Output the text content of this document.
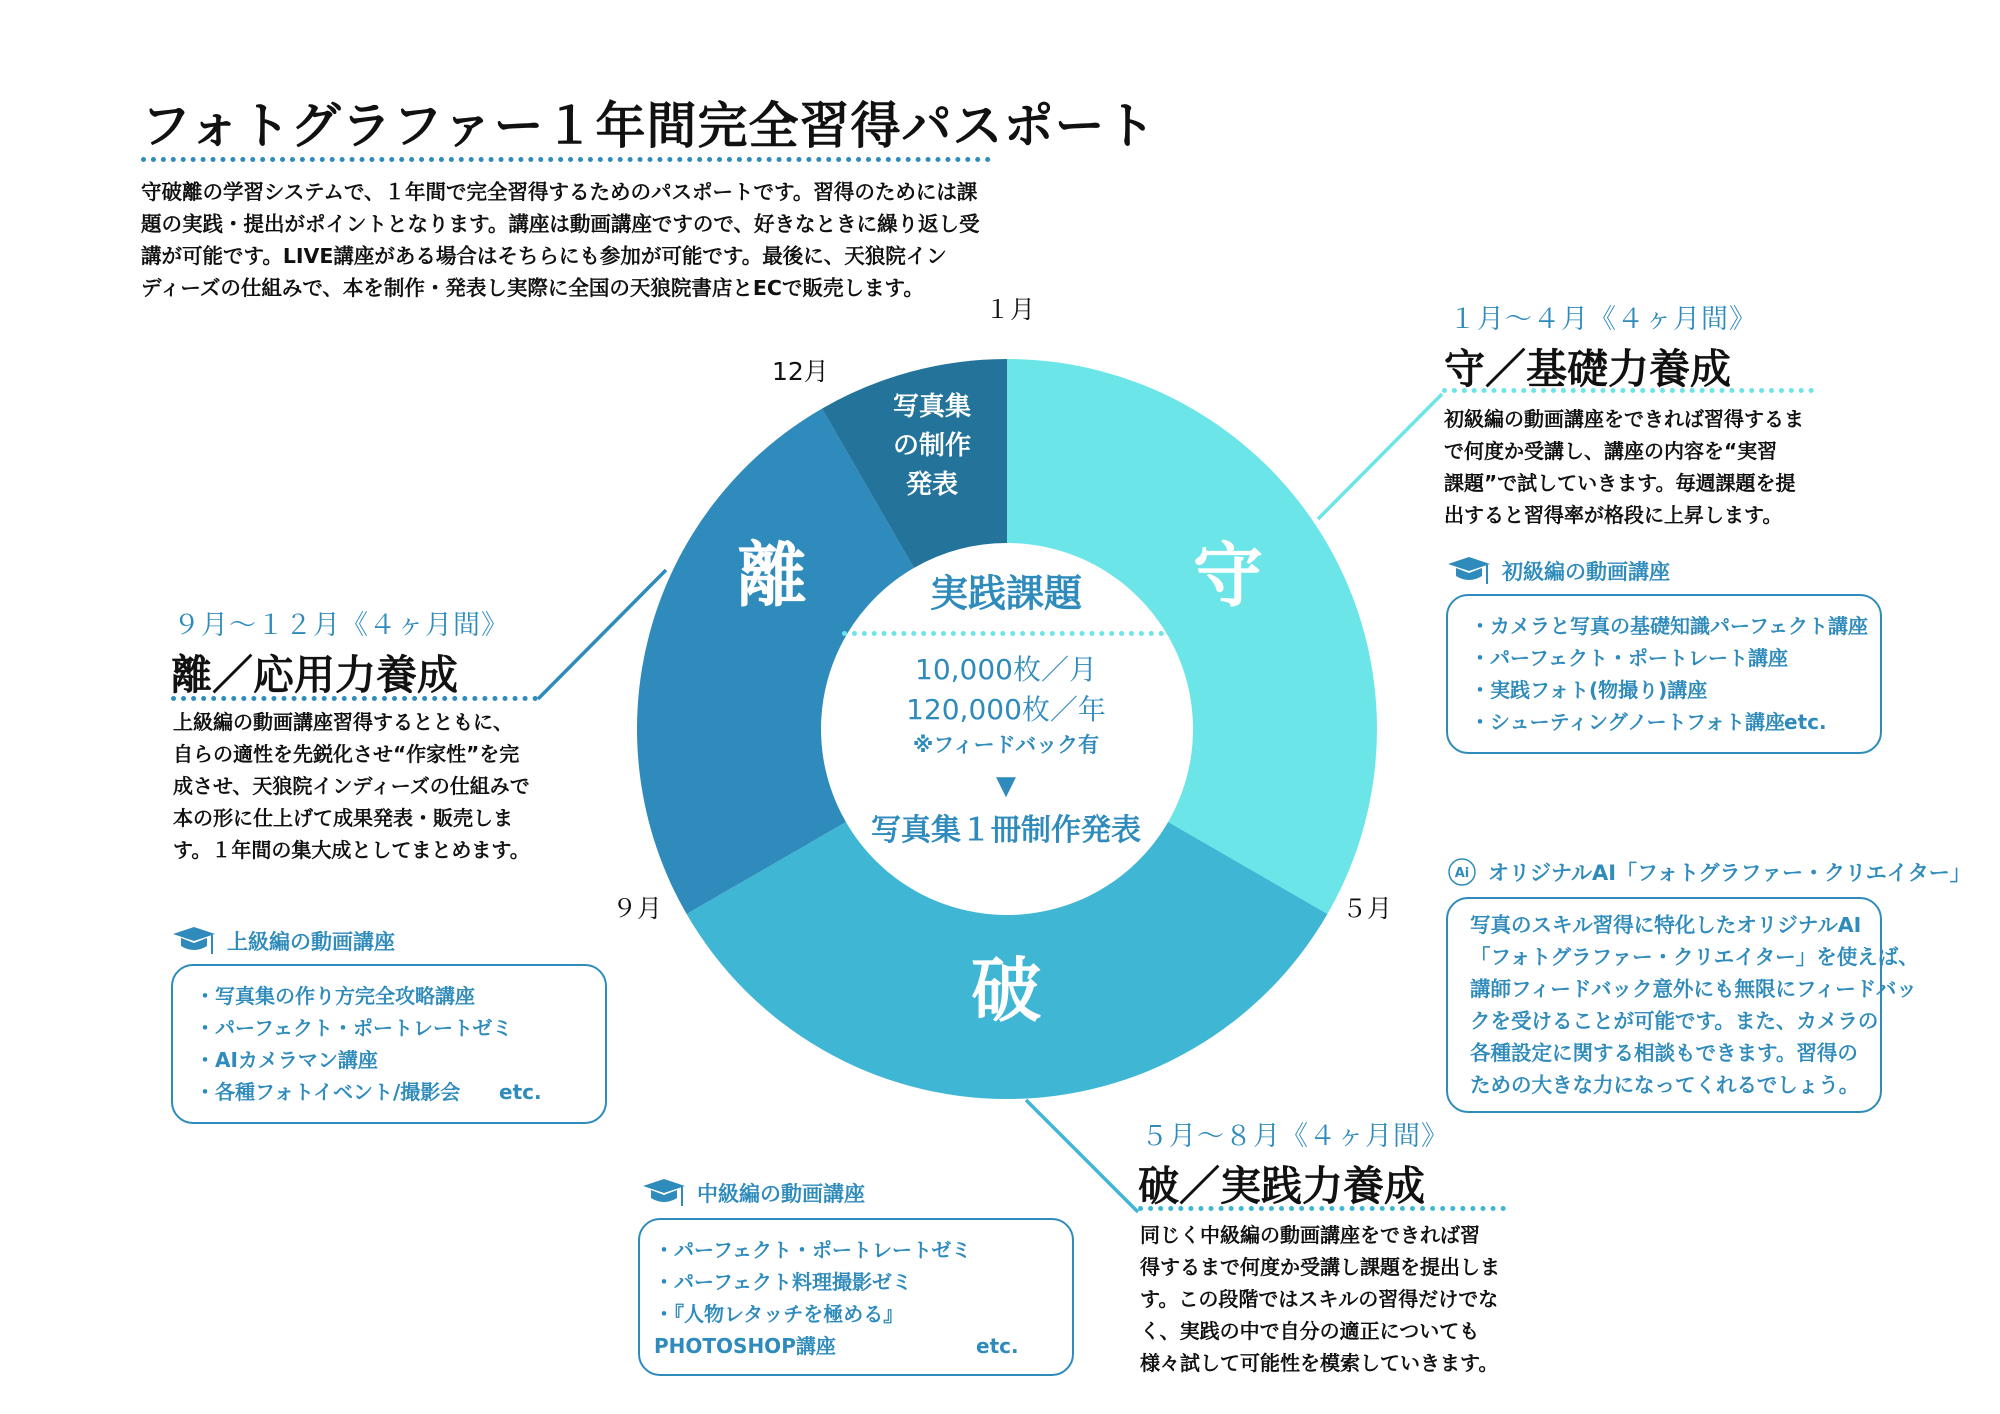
フォトグラファー１年間完全習得パスポート
守破離の学習システムで、１年間で完全習得するためのパスポートです。習得のためには課
題の実践・提出がポイントとなります。講座は動画講座ですので、好きなときに繰り返し受
講が可能です。LIVE講座がある場合はそちらにも参加が可能です。最後に、天狼院イン
ディーズの仕組みで、本を制作・発表し実際に全国の天狼院書店とECで販売します。
１月
12月
５月
９月
守
破
離
写真集
の制作
発表
実践課題
10,000枚／月
120,000枚／年
※フィードバック有
▼
写真集１冊制作発表
１月～４月《４ヶ月間》
守／基礎力養成
初級編の動画講座をできれば習得するま
で何度か受講し、講座の内容を“実習
課題”で試していきます。毎週課題を提
出すると習得率が格段に上昇します。
初級編の動画講座
・カメラと写真の基礎知識パーフェクト講座
・パーフェクト・ポートレート講座
・実践フォト(物撮り)講座
・シューティングノートフォト講座 etc.
Ai オリジナルAI「フォトグラファー・クリエイター」
写真のスキル習得に特化したオリジナルAI
「フォトグラファー・クリエイター」を使えば、
講師フィードバック意外にも無限にフィードバッ
クを受けることが可能です。また、カメラの
各種設定に関する相談もできます。習得の
ための大きな力になってくれるでしょう。
９月～１２月《４ヶ月間》
離／応用力養成
上級編の動画講座習得するとともに、
自らの適性を先鋭化させ“作家性”を完
成させ、天狼院インディーズの仕組みで
本の形に仕上げて成果発表・販売しま
す。１年間の集大成としてまとめます。
上級編の動画講座
・写真集の作り方完全攻略講座
・パーフェクト・ポートレートゼミ
・AIカメラマン講座
・各種フォトイベント/撮影会	etc.
中級編の動画講座
・パーフェクト・ポートレートゼミ
・パーフェクト料理撮影ゼミ
・『人物レタッチを極める』
PHOTOSHOP講座	etc.
５月～８月《４ヶ月間》
破／実践力養成
同じく中級編の動画講座をできれば習
得するまで何度か受講し課題を提出しま
す。この段階ではスキルの習得だけでな
く、実践の中で自分の適正についても
様々試して可能性を模索していきます。
